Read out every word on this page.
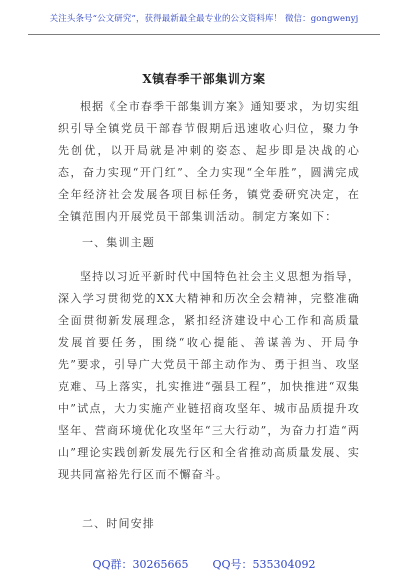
关注头条号“公文研究”，获得最新最全最专业的公文资料库！ 微信：gongwenyj
X镇春季干部集训方案

根据《全市春季干部集训方案》通知要求，为切实组织引导全镇党员干部春节假期后迅速收心归位，聚力争先创优，以开局就是冲刺的姿态、起步即是决战的心态，奋力实现“开门红”、全力实现“全年胜”，圆满完成全年经济社会发展各项目标任务，镇党委研究决定，在全镇范围内开展党员干部集训活动。制定方案如下：

一、集训主题

坚持以习近平新时代中国特色社会主义思想为指导，深入学习贯彻党的XX大精神和历次全会精神，完整准确全面贯彻新发展理念，紧扣经济建设中心工作和高质量发展首要任务，围绕“收心提能、善谋善为、开局争先”要求，引导广大党员干部主动作为、勇于担当、攻坚克难、马上落实，扎实推进“强县工程”，加快推进“双集中”试点，大力实施产业链招商攻坚年、城市品质提升攻坚年、营商环境优化攻坚年“三大行动”，为奋力打造“两山”理论实践创新发展先行区和全省推动高质量发展、实现共同富裕先行区而不懈奋斗。

二、时间安排
QQ群：30265665 QQ号：535304092
